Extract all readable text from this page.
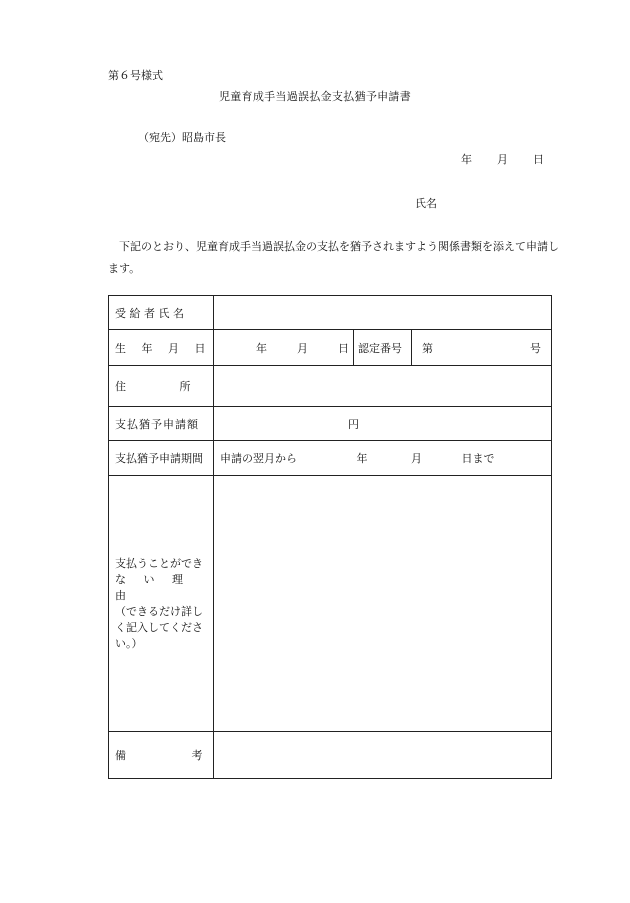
第６号様式
児童育成手当過誤払金支払猶予申請書
（宛先）昭島市長
年 月 日
氏名
下記のとおり、児童育成手当過誤払金の支払を猶予されますよう関係書類を添えて申請します。
受 給 者 氏 名			

生 年 月 日	年 月 日	認定番号	第 号

住 所			

支払猶予申請額	円		
支払猶予申請期間	申請の翌月から 年 月 日まで		

支払うことができ
な い 理 由
（できるだけ詳し
く記入してくださ
い。）			

備 考			
